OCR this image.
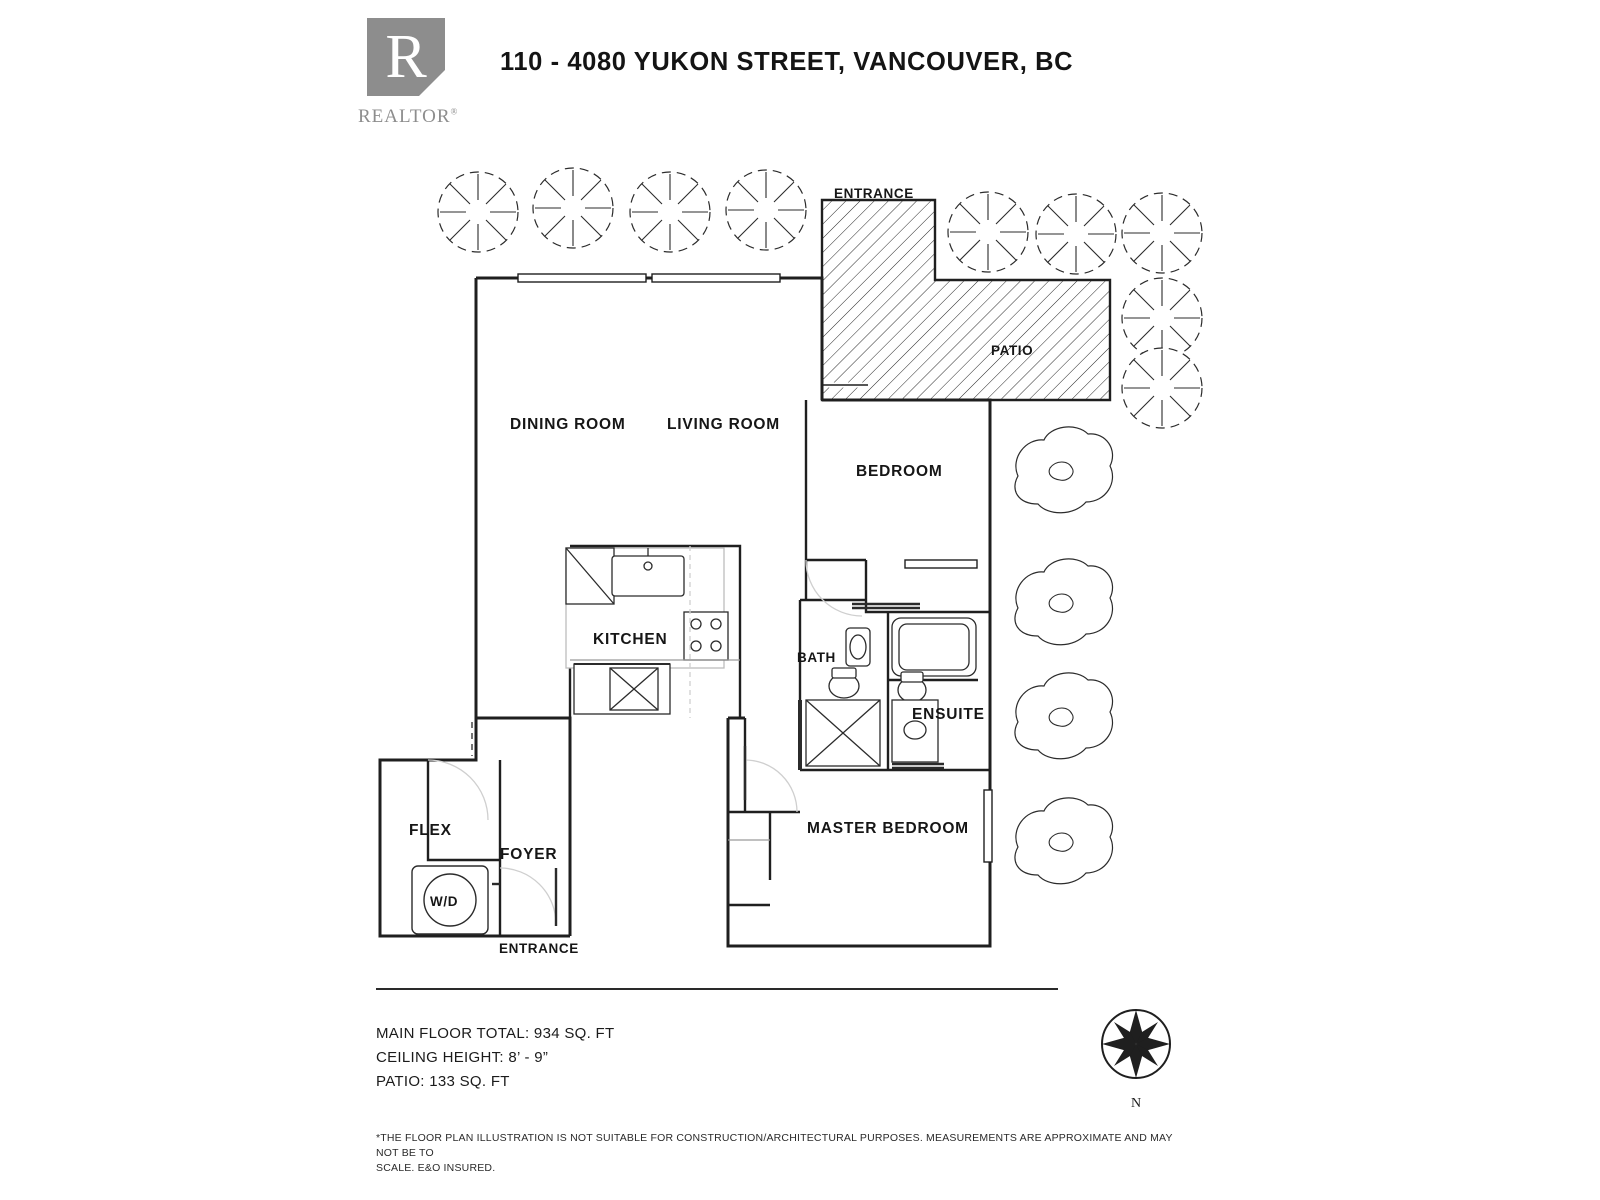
R
REALTOR®
110 - 4080 YUKON STREET, VANCOUVER, BC
ENTRANCE
PATIO
DINING ROOM	LIVING ROOM
BEDROOM
KITCHEN
BATH
ENSUITE
MASTER BEDROOM
FLEX
FOYER
W/D
ENTRANCE
MAIN FLOOR TOTAL: 934 SQ. FT
CEILING HEIGHT: 8’ - 9”
PATIO: 133 SQ. FT
N
*THE FLOOR PLAN ILLUSTRATION IS NOT SUITABLE FOR CONSTRUCTION/ARCHITECTURAL PURPOSES. MEASUREMENTS ARE APPROXIMATE AND MAY NOT BE TO
SCALE. E&O INSURED.
